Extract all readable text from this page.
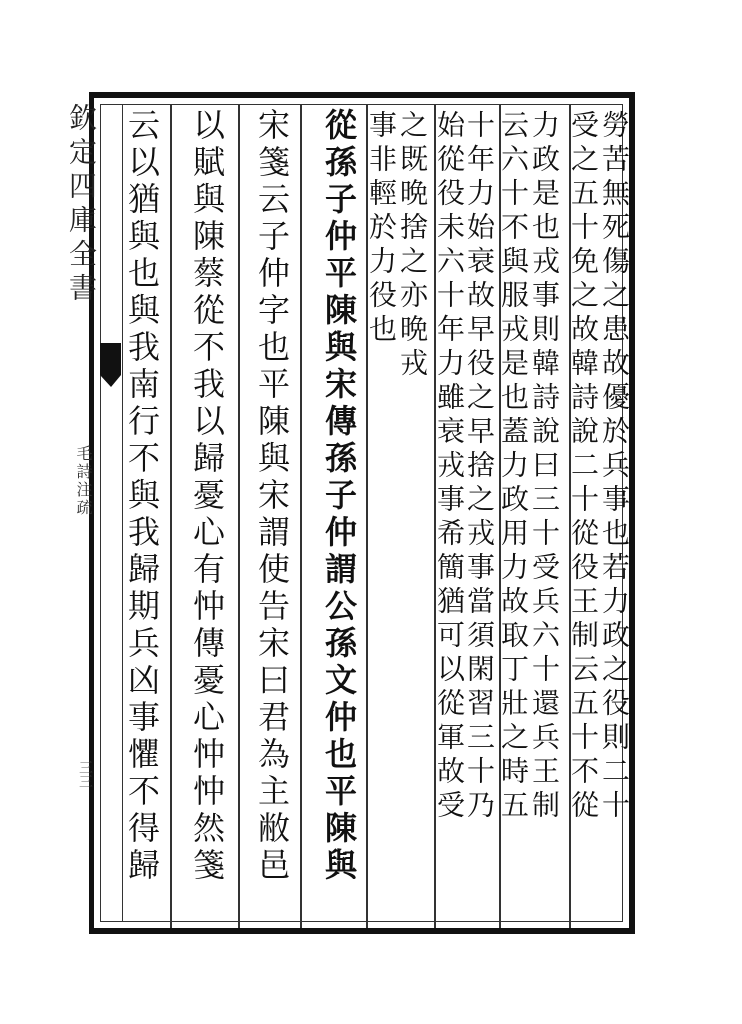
欽定四庫全書
毛詩注疏
三三	勞苦無死傷之患故優於兵事也若力政之役則二十
受之五十免之故韓詩說二十從役王制云五十不從
力政是也戎事則韓詩說曰三十受兵六十還兵王制
云六十不與服戎是也蓋力政用力故取丁壯之時五
十年力始衰故早役之早捨之戎事當須閑習三十乃
始從役未六十年力雖衰戎事希簡猶可以從軍故受
之既晩捨之亦晩戎
事非輕於力役也
從孫子仲平陳與宋傳孫子仲謂公孫文仲也平陳與
宋箋云子仲字也平陳與宋謂使告宋曰君為主敝邑
以賦與陳蔡從不我以歸憂心有忡傳憂心忡忡然箋
云以猶與也與我南行不與我歸期兵凶事懼不得歸
